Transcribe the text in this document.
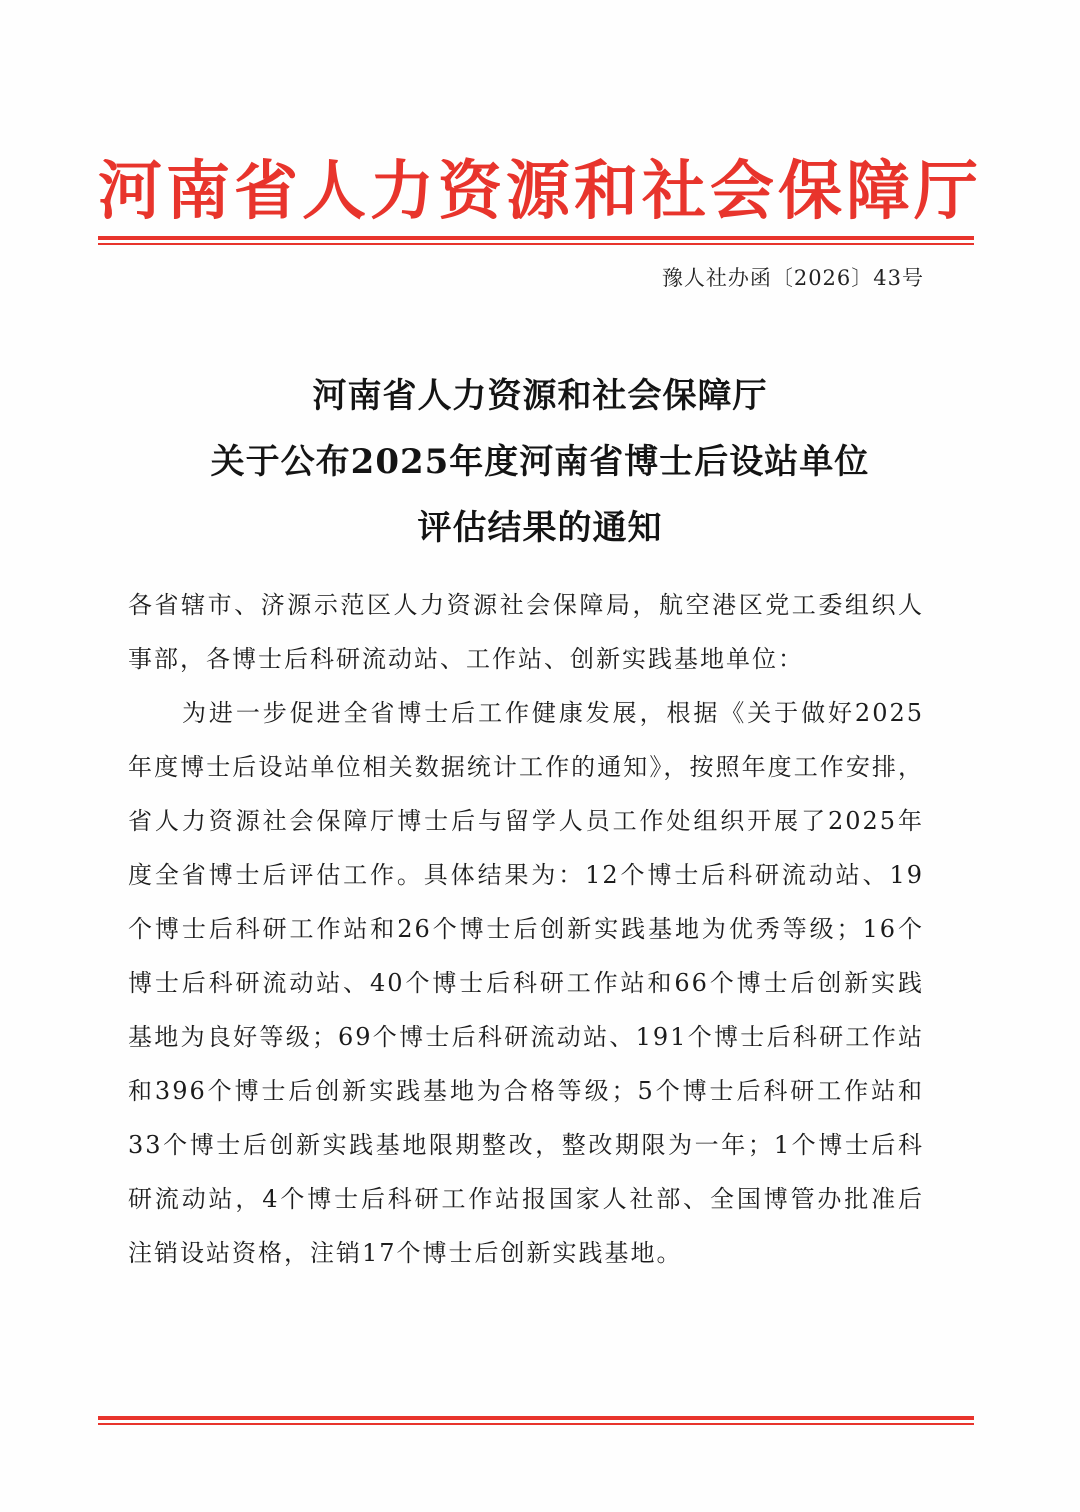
河南省人力资源和社会保障厅
豫人社办函〔2026〕43号
河南省人力资源和社会保障厅
关于公布2025年度河南省博士后设站单位
评估结果的通知

各省辖市、济源示范区人力资源社会保障局，航空港区党工委组织人事部，各博士后科研流动站、工作站、创新实践基地单位：

为进一步促进全省博士后工作健康发展，根据《关于做好2025年度博士后设站单位相关数据统计工作的通知》，按照年度工作安排，省人力资源社会保障厅博士后与留学人员工作处组织开展了2025年度全省博士后评估工作。具体结果为：12个博士后科研流动站、19个博士后科研工作站和26个博士后创新实践基地为优秀等级；16个博士后科研流动站、40个博士后科研工作站和66个博士后创新实践基地为良好等级；69个博士后科研流动站、191个博士后科研工作站和396个博士后创新实践基地为合格等级；5个博士后科研工作站和33个博士后创新实践基地限期整改，整改期限为一年；1个博士后科研流动站，4个博士后科研工作站报国家人社部、全国博管办批准后注销设站资格，注销17个博士后创新实践基地。
